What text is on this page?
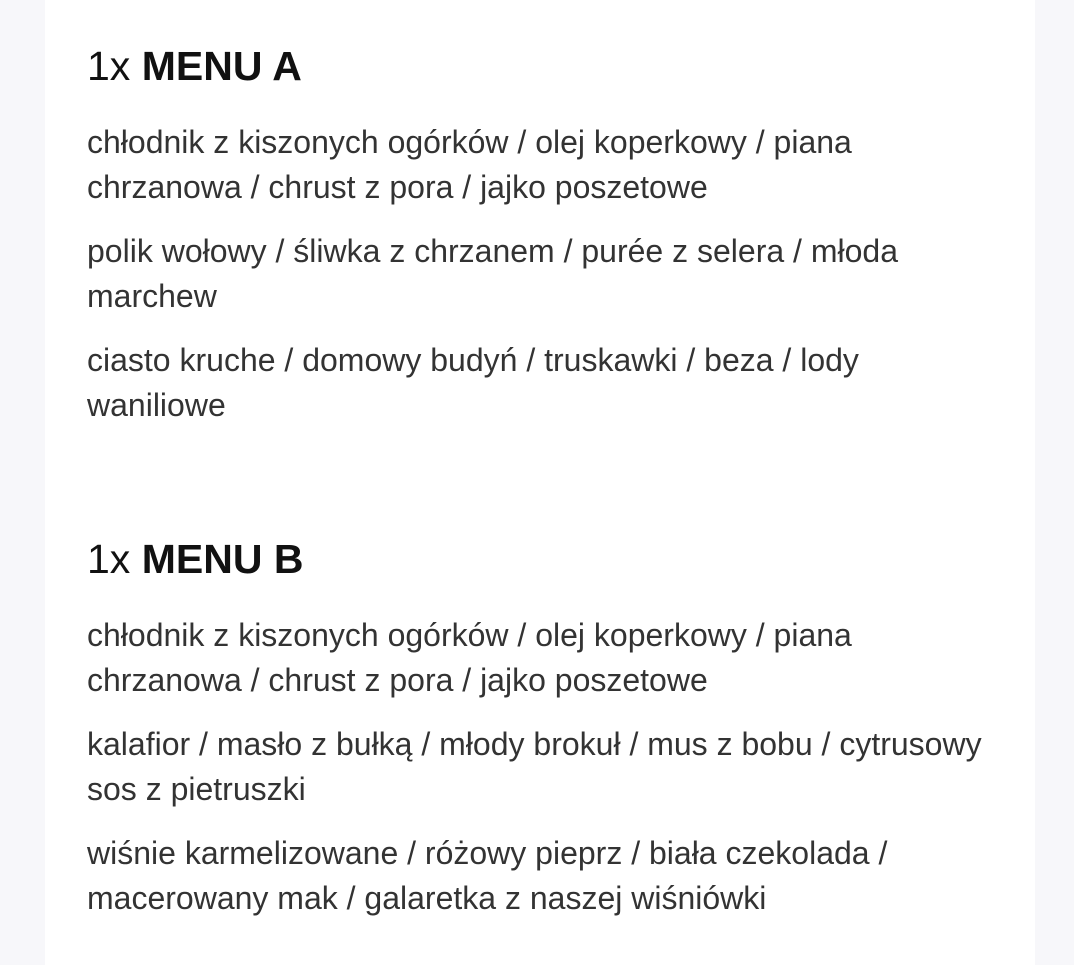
1x MENU A

chłodnik z kiszonych ogórków / olej koperkowy / piana chrzanowa / chrust z pora / jajko poszetowe

polik wołowy / śliwka z chrzanem / purée z selera / młoda marchew

ciasto kruche / domowy budyń / truskawki / beza / lody waniliowe

1x MENU B

chłodnik z kiszonych ogórków / olej koperkowy / piana chrzanowa / chrust z pora / jajko poszetowe

kalafior / masło z bułką / młody brokuł / mus z bobu / cytrusowy sos z pietruszki

wiśnie karmelizowane / różowy pieprz / biała czekolada / macerowany mak / galaretka z naszej wiśniówki
